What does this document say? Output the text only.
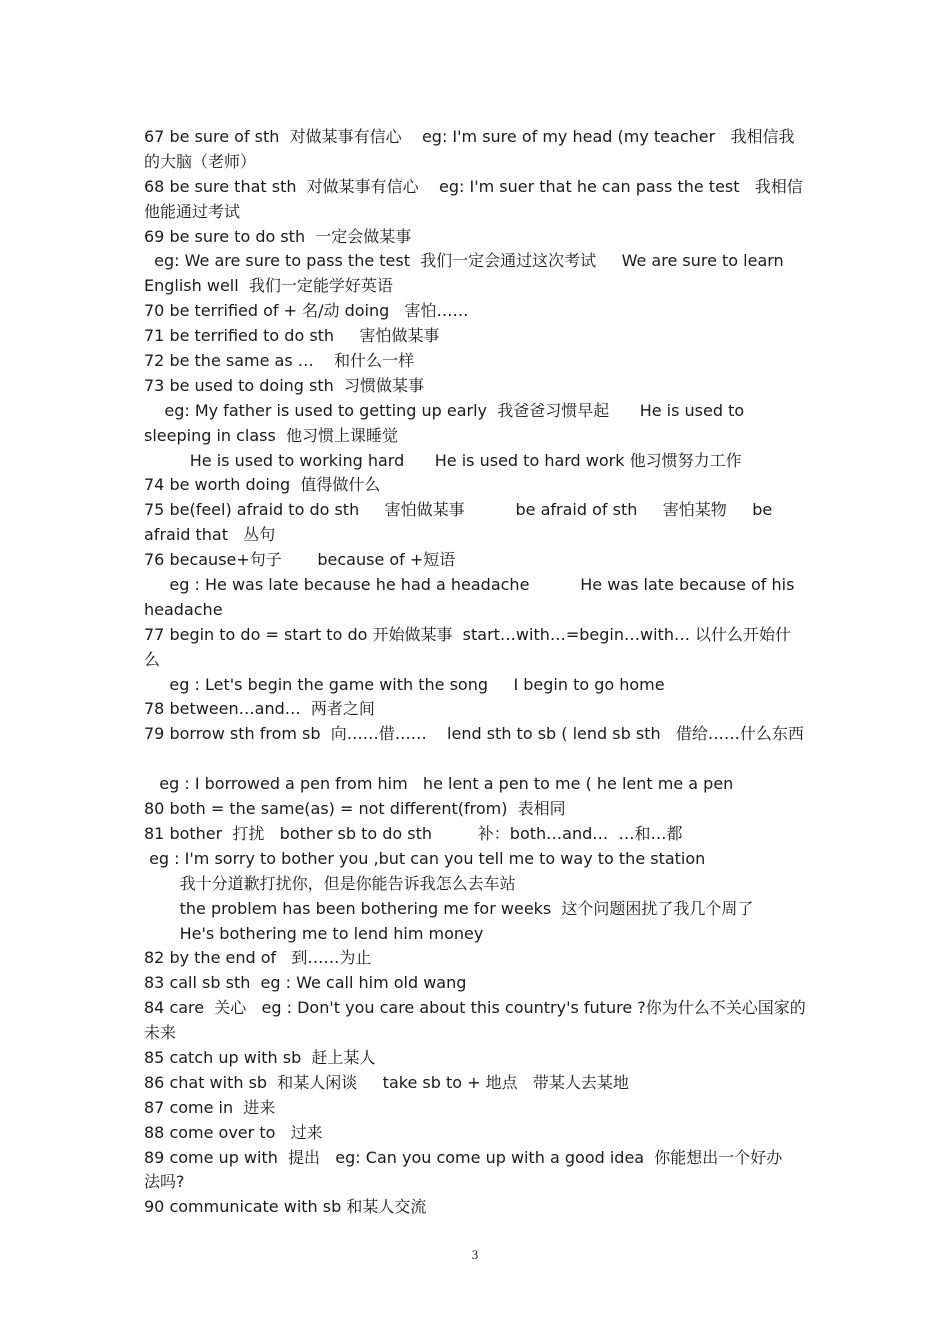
67 be sure of sth  对做某事有信心    eg: I'm sure of my head (my teacher   我相信我
的大脑（老师）
68 be sure that sth  对做某事有信心    eg: I'm suer that he can pass the test   我相信
他能通过考试
69 be sure to do sth  一定会做某事
eg: We are sure to pass the test  我们一定会通过这次考试     We are sure to learn
English well  我们一定能学好英语
70 be terrified of + 名/动 doing   害怕……
71 be terrified to do sth     害怕做某事
72 be the same as …    和什么一样
73 be used to doing sth  习惯做某事
eg: My father is used to getting up early  我爸爸习惯早起      He is used to
sleeping in class  他习惯上课睡觉
He is used to working hard      He is used to hard work 他习惯努力工作
74 be worth doing  值得做什么
75 be(feel) afraid to do sth     害怕做某事          be afraid of sth     害怕某物     be
afraid that   丛句
76 because+句子       because of +短语
eg : He was late because he had a headache          He was late because of his
headache
77 begin to do = start to do 开始做某事  start…with…=begin…with… 以什么开始什
么
eg : Let's begin the game with the song     I begin to go home
78 between…and…  两者之间
79 borrow sth from sb  向……借……    lend sth to sb ( lend sb sth   借给……什么东西
eg : I borrowed a pen from him   he lent a pen to me ( he lent me a pen
80 both = the same(as) = not different(from)  表相同
81 bother  打扰   bother sb to do sth         补：both…and…  …和…都
eg : I'm sorry to bother you ,but can you tell me to way to the station
我十分道歉打扰你，但是你能告诉我怎么去车站
the problem has been bothering me for weeks  这个问题困扰了我几个周了
He's bothering me to lend him money
82 by the end of   到……为止
83 call sb sth  eg : We call him old wang
84 care  关心   eg : Don't you care about this country's future ?你为什么不关心国家的
未来
85 catch up with sb  赶上某人
86 chat with sb  和某人闲谈     take sb to + 地点   带某人去某地
87 come in  进来
88 come over to   过来
89 come up with  提出   eg: Can you come up with a good idea  你能想出一个好办
法吗?
90 communicate with sb 和某人交流
3
